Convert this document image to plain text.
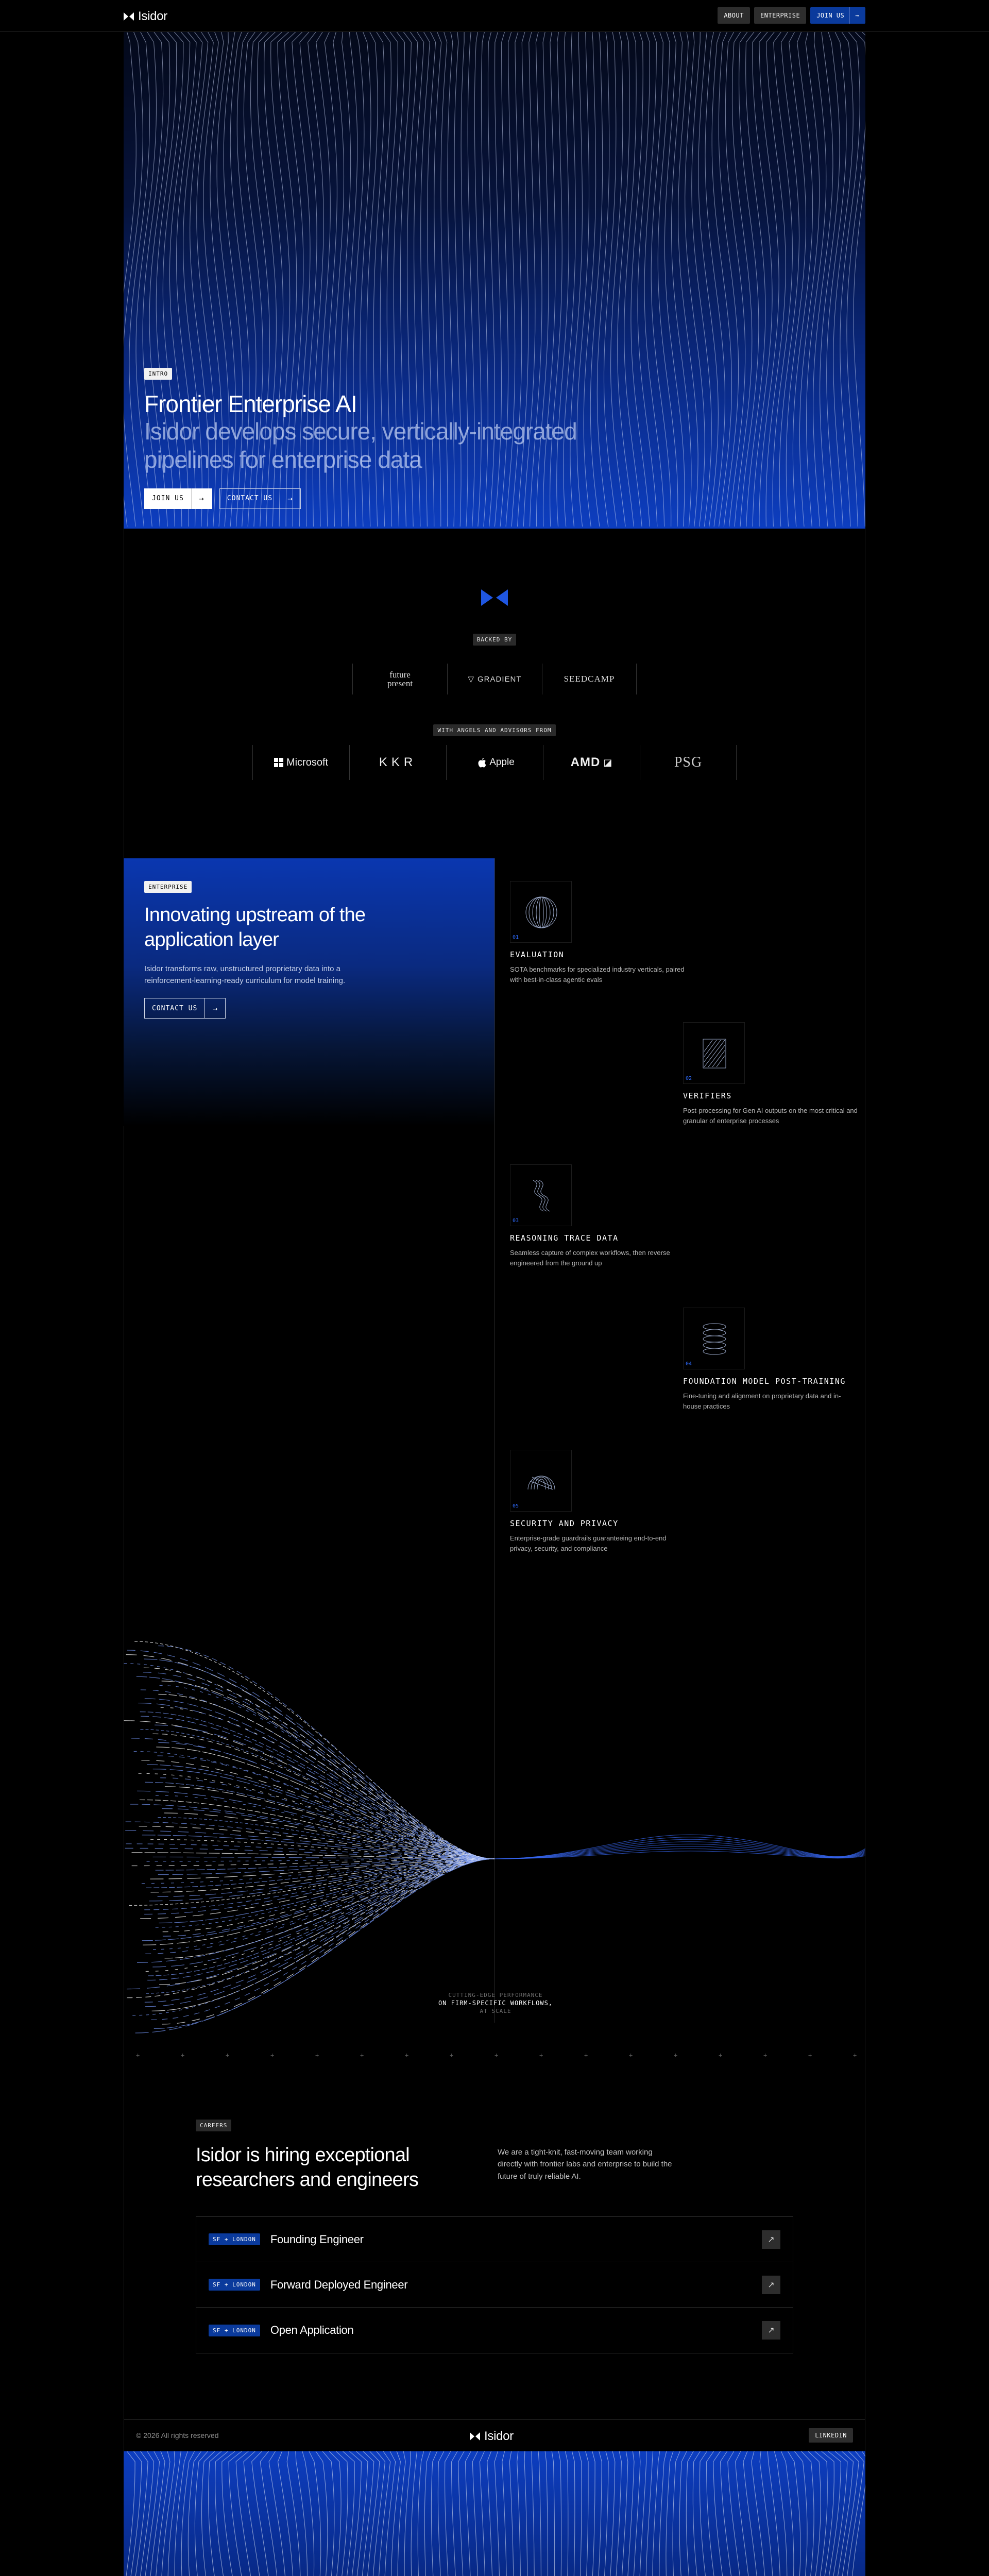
Isidor	ABOUT	ENTERPRISE	JOIN US →
INTRO
Frontier Enterprise AI
Isidor develops secure, vertically-integrated pipelines for enterprise data
JOIN US	→	CONTACT US	→
BACKED BY
future
present	▽ GRADIENT	SEEDCAMP
WITH ANGELS AND ADVISORS FROM
Microsoft	KKR	Apple	AMD ◪	PSG
ENTERPRISE
Innovating upstream of the application layer
Isidor transforms raw, unstructured proprietary data into a reinforcement-learning-ready curriculum for model training.
CONTACT US	→
01
EVALUATION
SOTA benchmarks for specialized industry verticals, paired with best-in-class agentic evals
02
VERIFIERS
Post-processing for Gen AI outputs on the most critical and granular of enterprise processes
03
REASONING TRACE DATA
Seamless capture of complex workflows, then reverse engineered from the ground up
04
FOUNDATION MODEL POST-TRAINING
Fine-tuning and alignment on proprietary data and in-house practices
05
SECURITY AND PRIVACY
Enterprise-grade guardrails guaranteeing end-to-end privacy, security, and compliance
CUTTING-EDGE PERFORMANCE
ON FIRM-SPECIFIC WORKFLOWS,
AT SCALE
+	+	+	+	+	+	+	+	+	+	+	+	+	+	+	+	+
CAREERS
Isidor is hiring exceptional researchers and engineers
We are a tight-knit, fast-moving team working directly with frontier labs and enterprise to build the future of truly reliable AI.
SF + LONDON	Founding Engineer	↗
SF + LONDON	Forward Deployed Engineer	↗
SF + LONDON	Open Application	↗
© 2026 All rights reserved	Isidor	LINKEDIN
